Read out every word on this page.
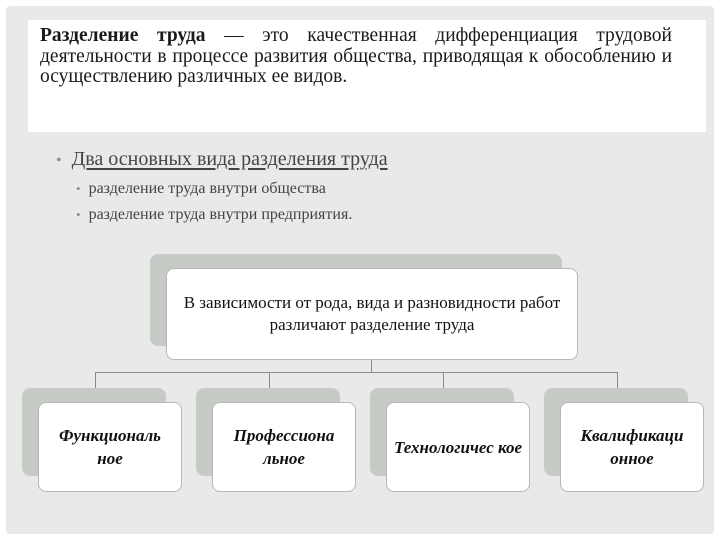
Разделение труда — это качественная дифференциация трудовой деятельности в процессе развития общества, приводящая к обособлению и осуществлению различных ее видов.
• Два основных вида разделения труда
• разделение труда внутри общества
• разделение труда внутри предприятия.
В зависимости от рода, вида и разновидности работ различают разделение труда
Функциональ ное
Профессиона льное
Технологичес кое
Квалификаци онное
